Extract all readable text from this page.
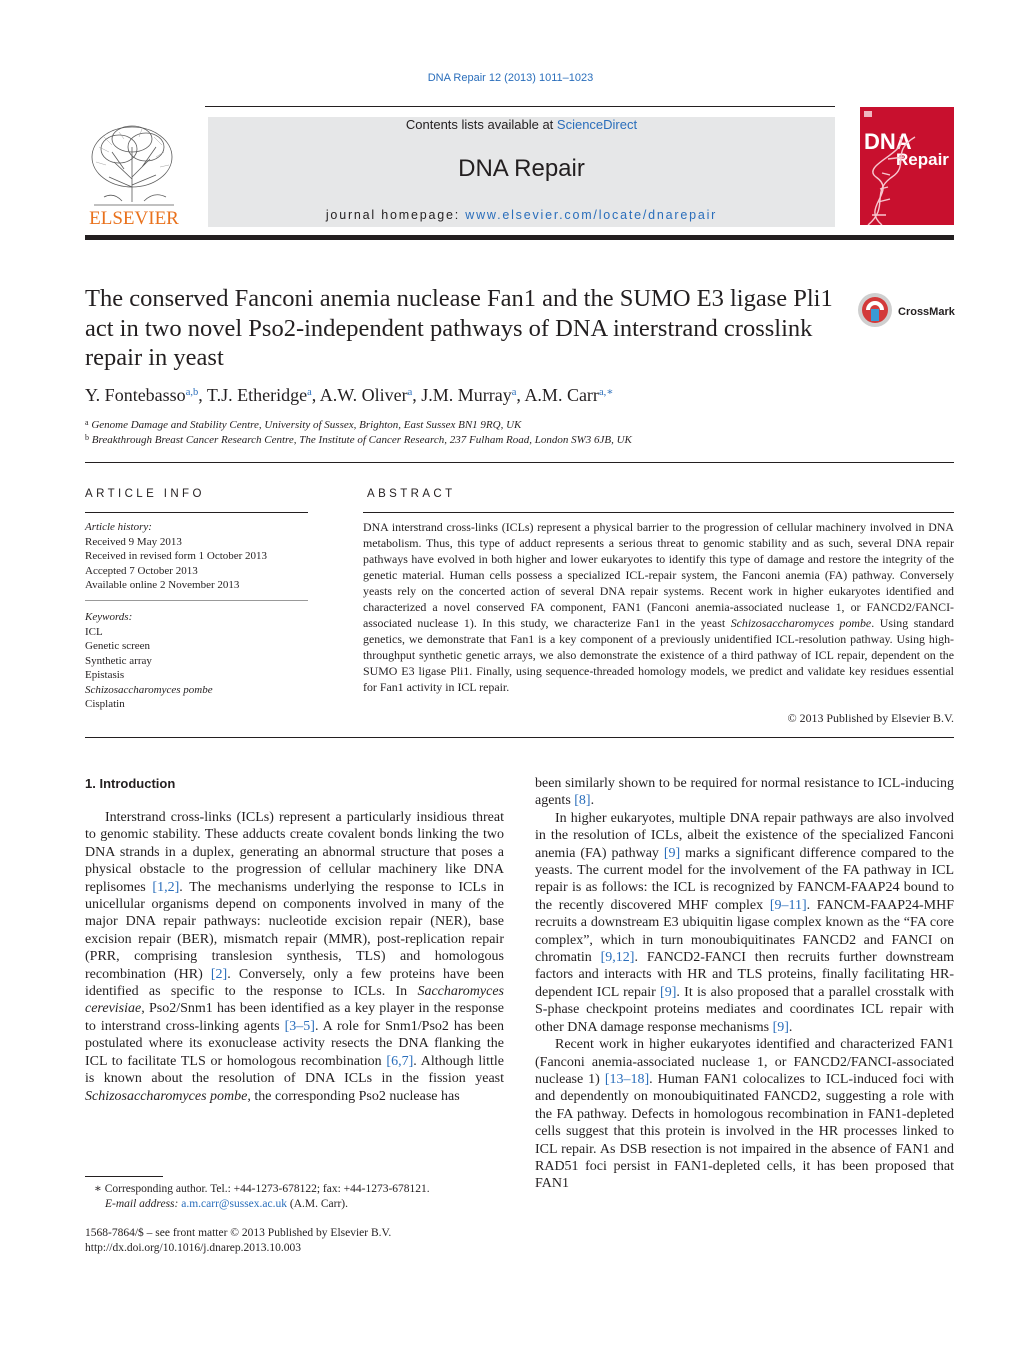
DNA Repair 12 (2013) 1011–1023
ELSEVIER
Contents lists available at ScienceDirect
DNA Repair
journal homepage: www.elsevier.com/locate/dnarepair
DNA
Repair
The conserved Fanconi anemia nuclease Fan1 and the SUMO E3 ligase Pli1 act in two novel Pso2-independent pathways of DNA interstrand crosslink repair in yeast
CrossMark
Y. Fontebasso$^{a,b}$, T.J. Etheridge$^a$, A.W. Oliver$^a$, J.M. Murray$^a$, A.M. Carr$^{a,∗}$
$^a$ Genome Damage and Stability Centre, University of Sussex, Brighton, East Sussex BN1 9RQ, UK
$^b$ Breakthrough Breast Cancer Research Centre, The Institute of Cancer Research, 237 Fulham Road, London SW3 6JB, UK
ARTICLE INFO
Article history:
Received 9 May 2013
Received in revised form 1 October 2013
Accepted 7 October 2013
Available online 2 November 2013
Keywords:
ICL
Genetic screen
Synthetic array
Epistasis
Schizosaccharomyces pombe
Cisplatin
ABSTRACT

DNA interstrand cross-links (ICLs) represent a physical barrier to the progression of cellular machinery involved in DNA metabolism. Thus, this type of adduct represents a serious threat to genomic stability and as such, several DNA repair pathways have evolved in both higher and lower eukaryotes to identify this type of damage and restore the integrity of the genetic material. Human cells possess a specialized ICL-repair system, the Fanconi anemia (FA) pathway. Conversely yeasts rely on the concerted action of several DNA repair systems. Recent work in higher eukaryotes identified and characterized a novel conserved FA component, FAN1 (Fanconi anemia-associated nuclease 1, or FANCD2/FANCI-associated nuclease 1). In this study, we characterize Fan1 in the yeast Schizosaccharomyces pombe. Using standard genetics, we demonstrate that Fan1 is a key component of a previously unidentified ICL-resolution pathway. Using high-throughput synthetic genetic arrays, we also demonstrate the existence of a third pathway of ICL repair, dependent on the SUMO E3 ligase Pli1. Finally, using sequence-threaded homology models, we predict and validate key residues essential for Fan1 activity in ICL repair.

© 2013 Published by Elsevier B.V.
1. Introduction

Interstrand cross-links (ICLs) represent a particularly insidious threat to genomic stability. These adducts create covalent bonds linking the two DNA strands in a duplex, generating an abnormal structure that poses a physical obstacle to the progression of cellular machinery like DNA replisomes [1,2]. The mechanisms underlying the response to ICLs in unicellular organisms depend on components involved in many of the major DNA repair pathways: nucleotide excision repair (NER), base excision repair (BER), mismatch repair (MMR), post-replication repair (PRR, comprising translesion synthesis, TLS) and homologous recombination (HR) [2]. Conversely, only a few proteins have been identified as specific to the response to ICLs. In Saccharomyces cerevisiae, Pso2/Snm1 has been identified as a key player in the response to interstrand cross-linking agents [3–5]. A role for Snm1/Pso2 has been postulated where its exonuclease activity resects the DNA flanking the ICL to facilitate TLS or homologous recombination [6,7]. Although little is known about the resolution of DNA ICLs in the fission yeast Schizosaccharomyces pombe, the corresponding Pso2 nuclease has

been similarly shown to be required for normal resistance to ICL-inducing agents [8].

In higher eukaryotes, multiple DNA repair pathways are also involved in the resolution of ICLs, albeit the existence of the specialized Fanconi anemia (FA) pathway [9] marks a significant difference compared to the yeasts. The current model for the involvement of the FA pathway in ICL repair is as follows: the ICL is recognized by FANCM-FAAP24 bound to the recently discovered MHF complex [9–11]. FANCM-FAAP24-MHF recruits a downstream E3 ubiquitin ligase complex known as the “FA core complex”, which in turn monoubiquitinates FANCD2 and FANCI on chromatin [9,12]. FANCD2-FANCI then recruits further downstream factors and interacts with HR and TLS proteins, finally facilitating HR-dependent ICL repair [9]. It is also proposed that a parallel crosstalk with S-phase checkpoint proteins mediates and coordinates ICL repair with other DNA damage response mechanisms [9].

Recent work in higher eukaryotes identified and characterized FAN1 (Fanconi anemia-associated nuclease 1, or FANCD2/FANCI-associated nuclease 1) [13–18]. Human FAN1 colocalizes to ICL-induced foci with and dependently on monoubiquitinated FANCD2, suggesting a role with the FA pathway. Defects in homologous recombination in FAN1-depleted cells suggest that this protein is involved in the HR processes linked to ICL repair. As DSB resection is not impaired in the absence of FAN1 and RAD51 foci persist in FAN1-depleted cells, it has been proposed that FAN1

∗ Corresponding author. Tel.: +44-1273-678122; fax: +44-1273-678121.
E-mail address: a.m.carr@sussex.ac.uk (A.M. Carr).
1568-7864/$ – see front matter © 2013 Published by Elsevier B.V.
http://dx.doi.org/10.1016/j.dnarep.2013.10.003
